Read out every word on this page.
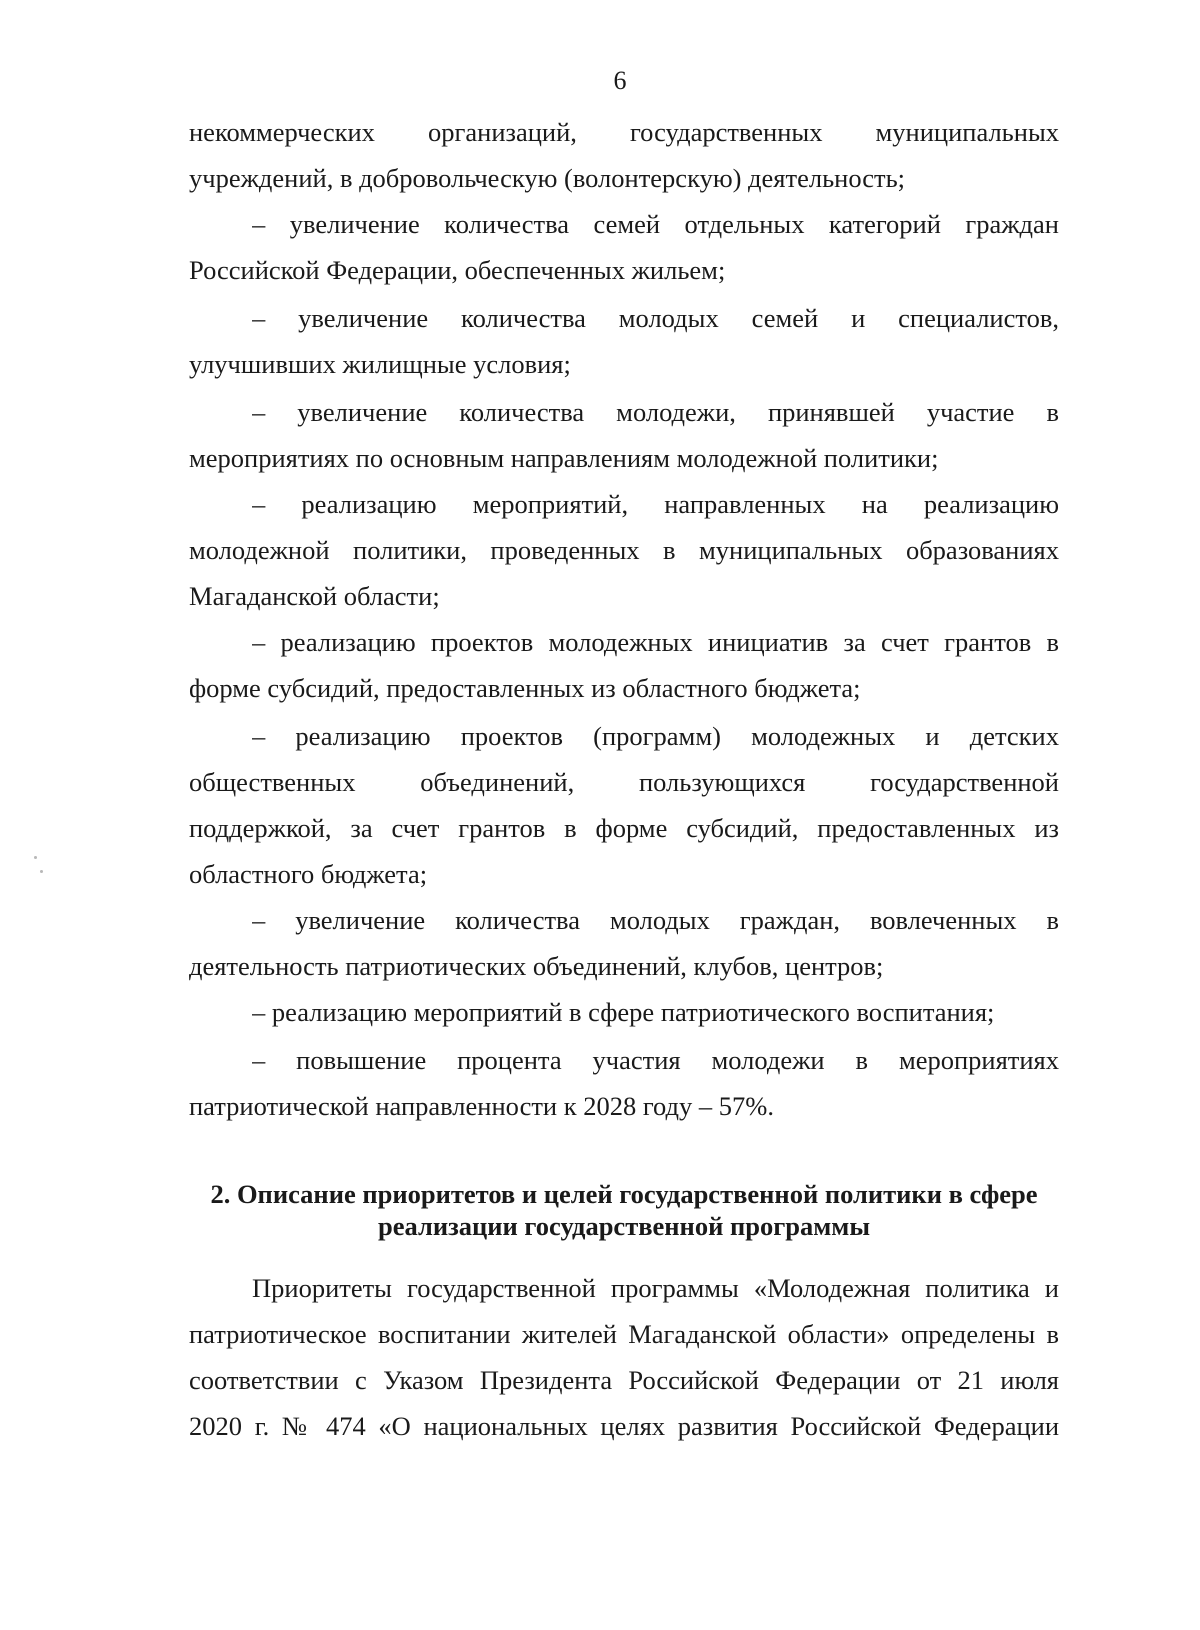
6
некоммерческих организаций, государственных муниципальных
учреждений, в добровольческую (волонтерскую) деятельность;
– увеличение количества семей отдельных категорий граждан
Российской Федерации, обеспеченных жильем;
– увеличение количества молодых семей и специалистов,
улучшивших жилищные условия;
– увеличение количества молодежи, принявшей участие в
мероприятиях по основным направлениям молодежной политики;
– реализацию мероприятий, направленных на реализацию
молодежной политики, проведенных в муниципальных образованиях
Магаданской области;
– реализацию проектов молодежных инициатив за счет грантов в
форме субсидий, предоставленных из областного бюджета;
– реализацию проектов (программ) молодежных и детских
общественных объединений, пользующихся государственной
поддержкой, за счет грантов в форме субсидий, предоставленных из
областного бюджета;
– увеличение количества молодых граждан, вовлеченных в
деятельность патриотических объединений, клубов, центров;
– реализацию мероприятий в сфере патриотического воспитания;
– повышение процента участия молодежи в мероприятиях
патриотической направленности к 2028 году – 57%.
2. Описание приоритетов и целей государственной политики в сфере
реализации государственной программы
Приоритеты государственной программы «Молодежная политика и
патриотическое воспитании жителей Магаданской области» определены в
соответствии с Указом Президента Российской Федерации от 21 июля
2020 г. № 474 «О национальных целях развития Российской Федерации
